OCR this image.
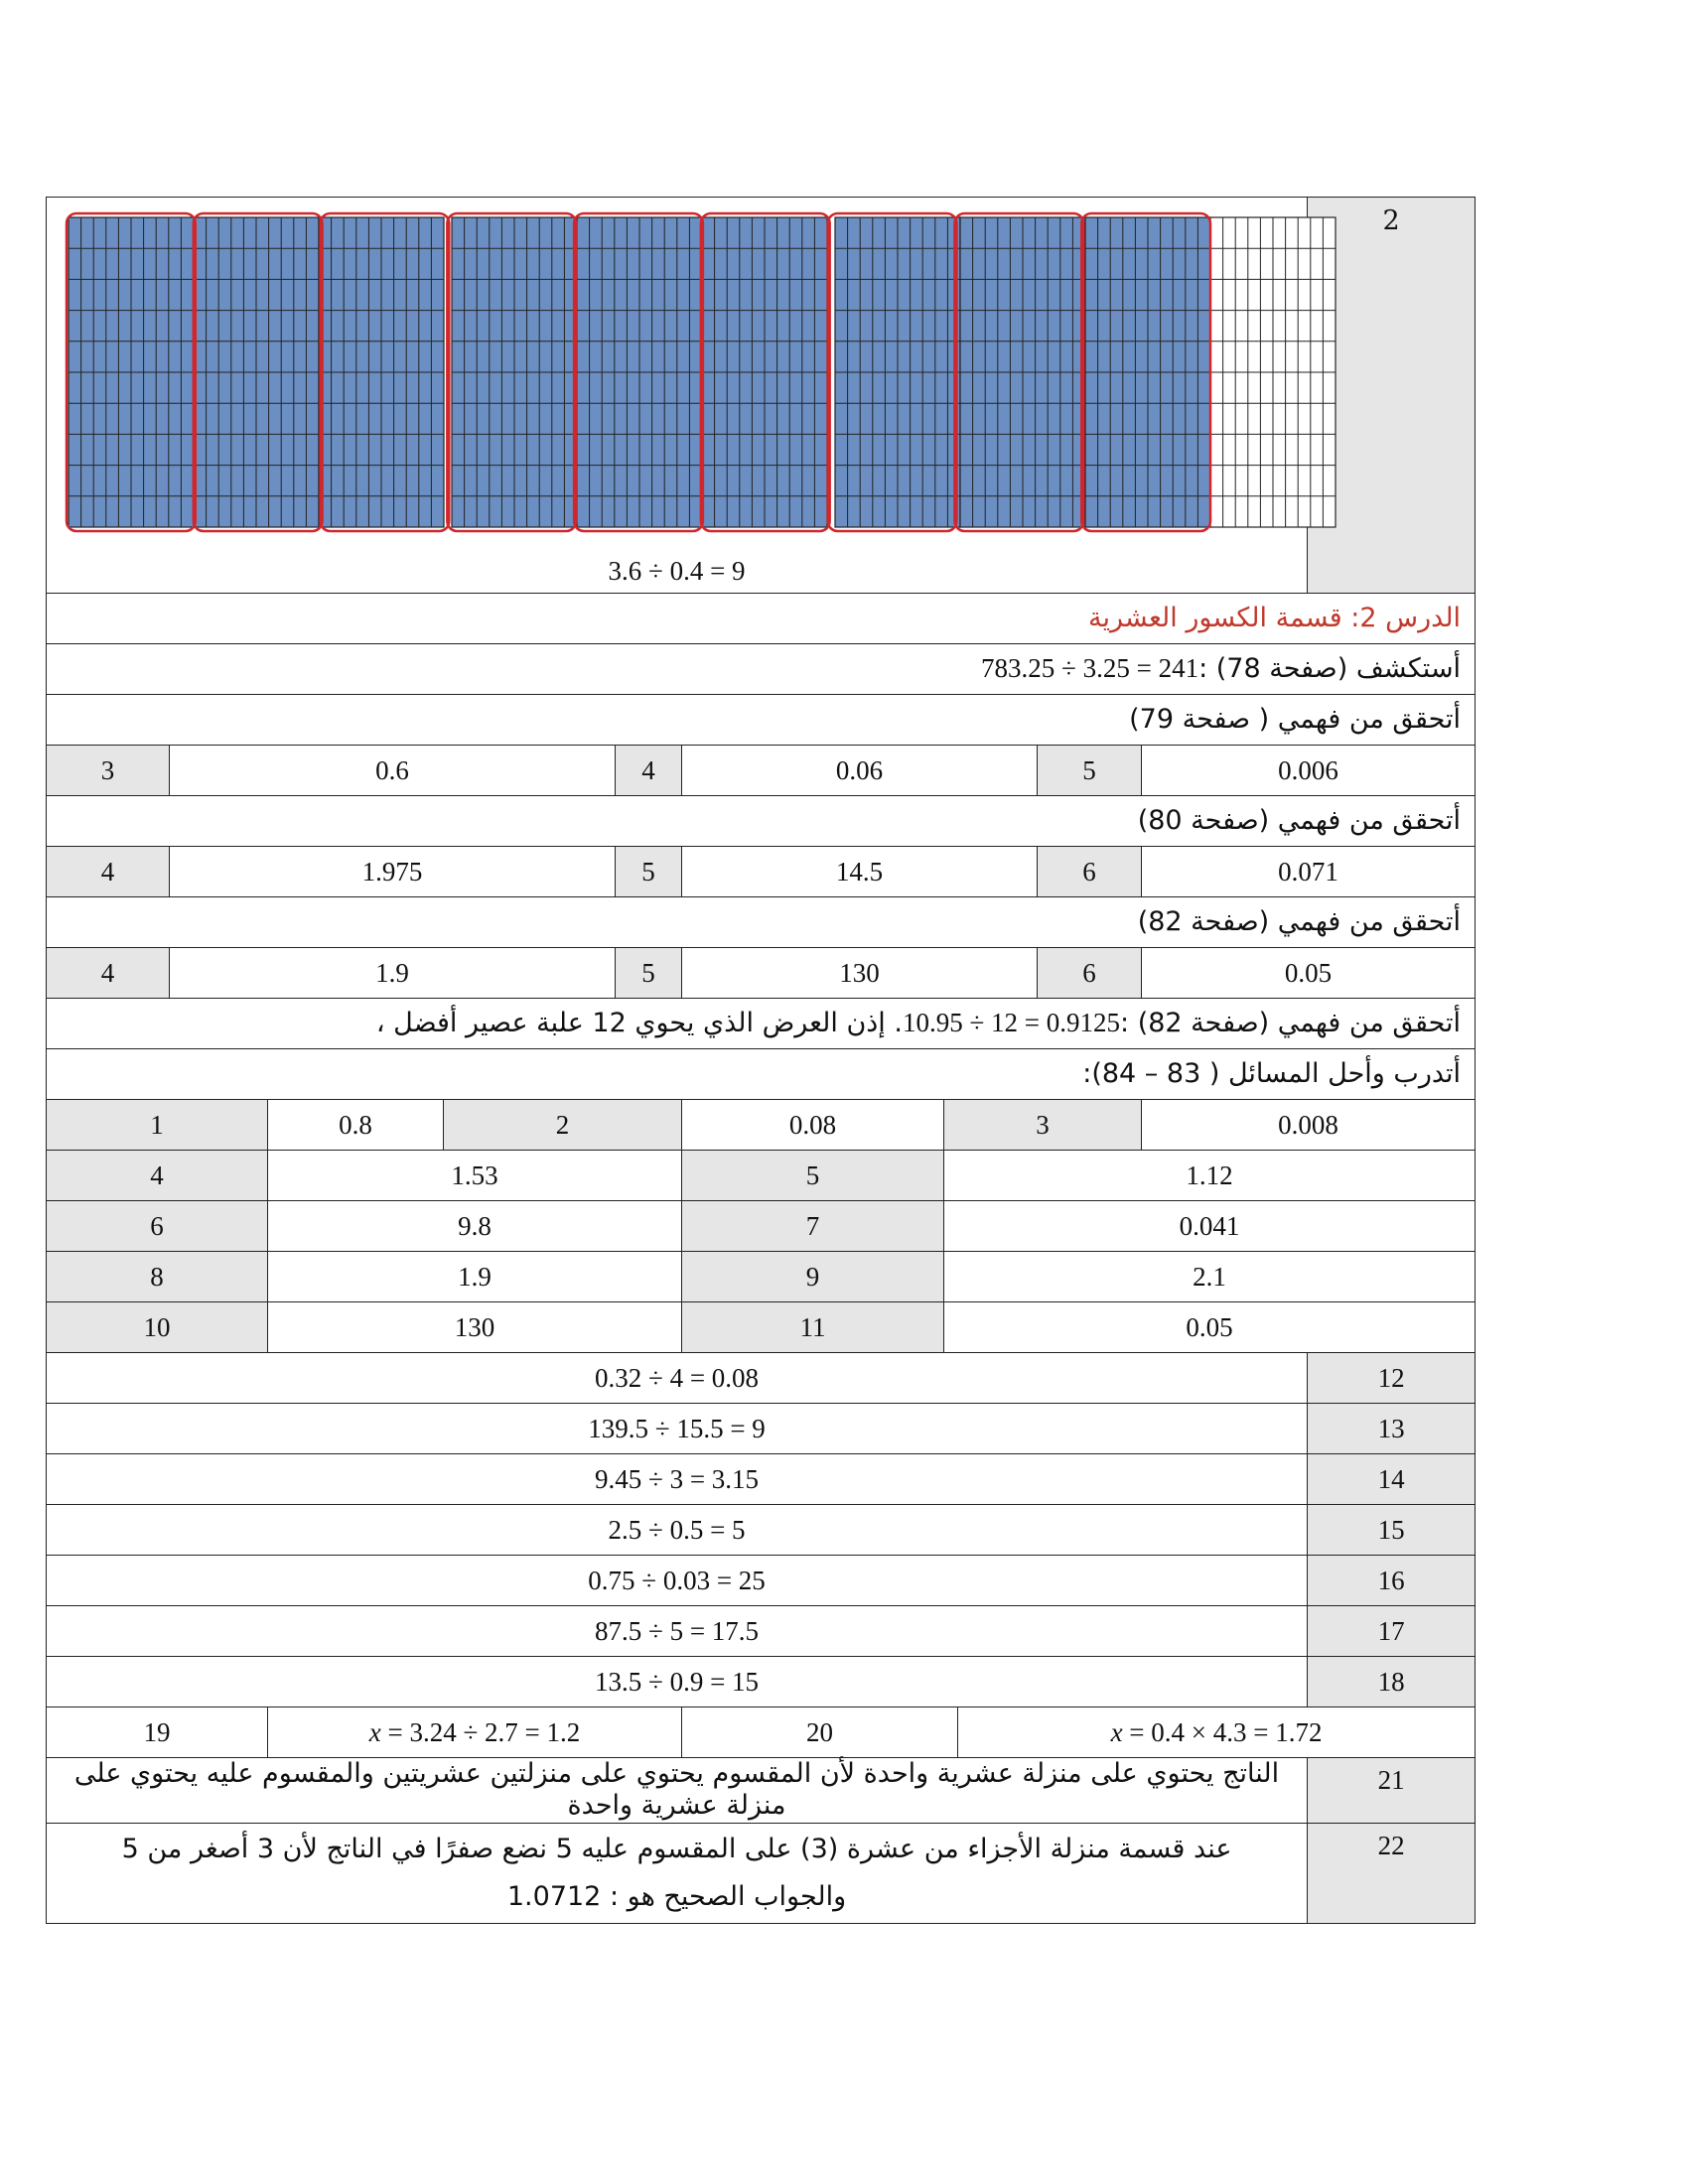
3.6 ÷ 0.4 = 9										2
الدرس 2: قسمة الكسور العشرية										
أستكشف (صفحة 78) :783.25 ÷ 3.25 = 241										
أتحقق من فهمي ( صفحة 79)										
3	0.6			4	0.06			5	0.006	
أتحقق من فهمي (صفحة 80)										
4	1.975			5	14.5			6	0.071	
أتحقق من فهمي (صفحة 82)										
4	1.9			5	130			6	0.05	
أتحقق من فهمي (صفحة 82) :10.95 ÷ 12 = 0.9125. إذن العرض الذي يحوي 12 علبة عصير أفضل ،										
أتدرب وأحل المسائل ( 83 – 84):										
1		0.8	2		0.08	3			0.008	
4		1.53			5	1.12				
6		9.8			7	0.041				
8		1.9			9	2.1				
10		130			11	0.05				
0.32 ÷ 4 = 0.08										12
139.5 ÷ 15.5 = 9										13
9.45 ÷ 3 = 3.15										14
2.5 ÷ 0.5 = 5										15
0.75 ÷ 0.03 = 25										16
87.5 ÷ 5 = 17.5										17
13.5 ÷ 0.9 = 15										18
19		x = 3.24 ÷ 2.7 = 1.2			20		x = 0.4 × 4.3 = 1.72			
الناتج يحتوي على منزلة عشرية واحدة لأن المقسوم يحتوي على منزلتين عشريتين والمقسوم عليه يحتوي على منزلة عشرية واحدة										21

عند قسمة منزلة الأجزاء من عشرة (3) على المقسوم عليه 5 نضع صفرًا في الناتج لأن 3 أصغر من 5
والجواب الصحيح هو : 1.0712										22
